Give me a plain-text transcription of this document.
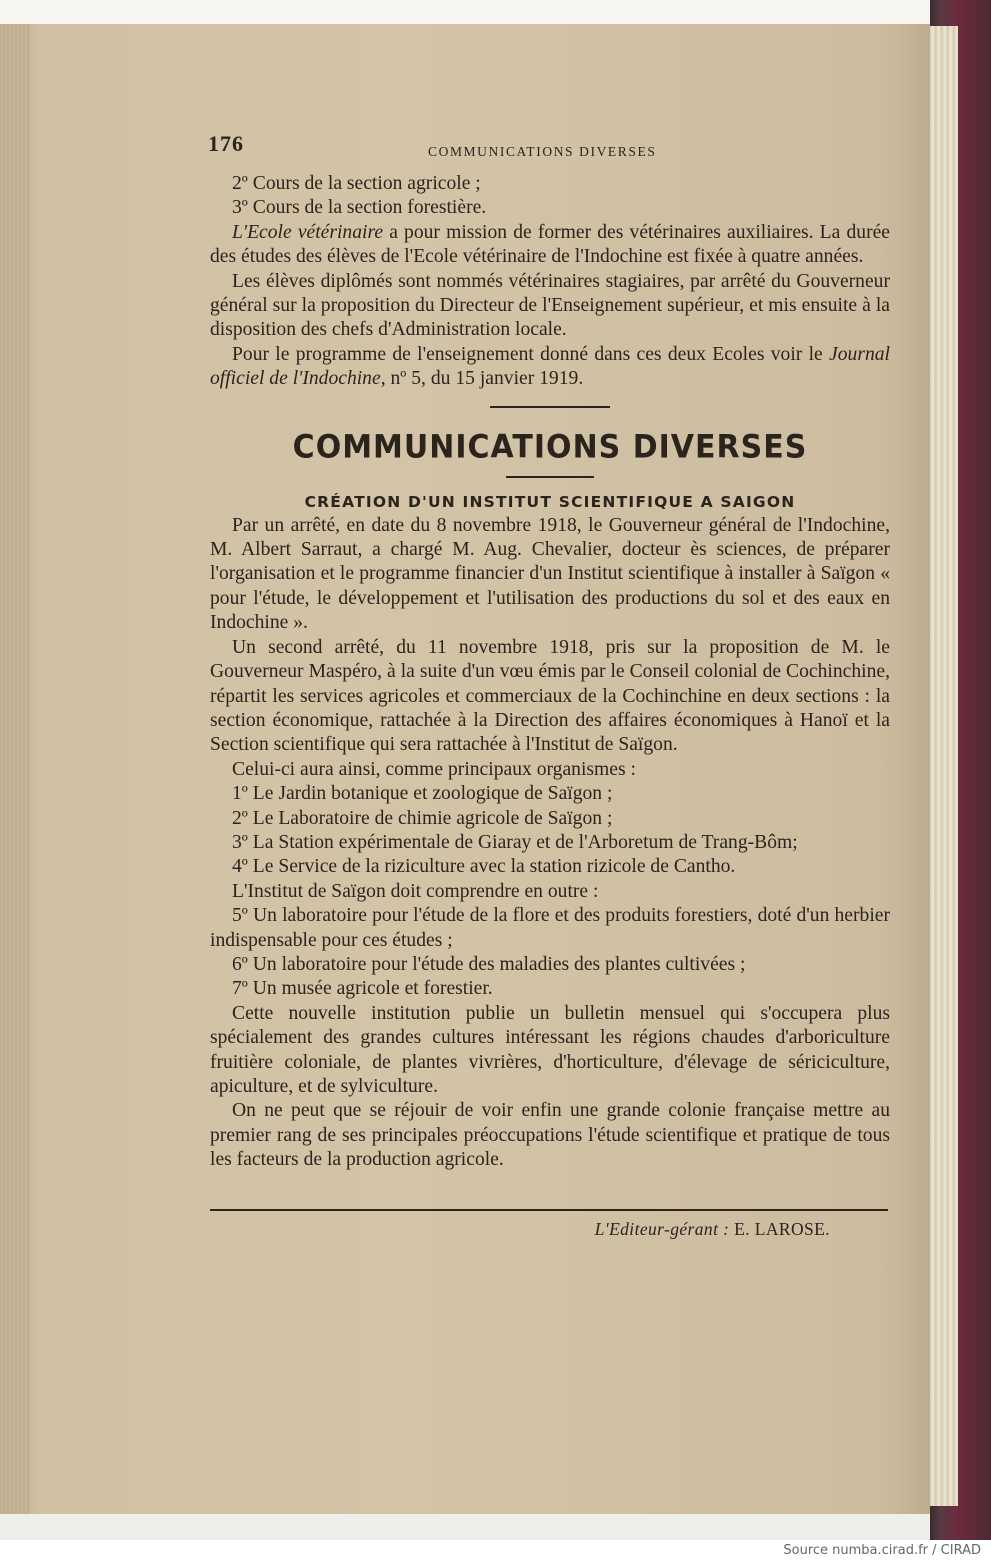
176	COMMUNICATIONS DIVERSES

2º Cours de la section agricole ;

3º Cours de la section forestière.

L'Ecole vétérinaire a pour mission de former des vétérinaires auxiliaires. La durée des études des élèves de l'Ecole vétérinaire de l'Indochine est fixée à quatre années.

Les élèves diplômés sont nommés vétérinaires stagiaires, par arrêté du Gouverneur général sur la proposition du Directeur de l'Enseignement supérieur, et mis ensuite à la disposition des chefs d'Administration locale.

Pour le programme de l'enseignement donné dans ces deux Ecoles voir le Journal officiel de l'Indochine, nº 5, du 15 janvier 1919.

COMMUNICATIONS DIVERSES
CRÉATION D'UN INSTITUT SCIENTIFIQUE A SAIGON

Par un arrêté, en date du 8 novembre 1918, le Gouverneur général de l'Indochine, M. Albert Sarraut, a chargé M. Aug. Chevalier, docteur ès sciences, de préparer l'organisation et le programme financier d'un Institut scientifique à installer à Saïgon « pour l'étude, le développement et l'utilisation des productions du sol et des eaux en Indochine ».

Un second arrêté, du 11 novembre 1918, pris sur la proposition de M. le Gouverneur Maspéro, à la suite d'un vœu émis par le Conseil colonial de Cochinchine, répartit les services agricoles et commerciaux de la Cochinchine en deux sections : la section économique, rattachée à la Direction des affaires économiques à Hanoï et la Section scientifique qui sera rattachée à l'Institut de Saïgon.

Celui-ci aura ainsi, comme principaux organismes :

1º Le Jardin botanique et zoologique de Saïgon ;

2º Le Laboratoire de chimie agricole de Saïgon ;

3º La Station expérimentale de Giaray et de l'Arboretum de Trang-Bôm;

4º Le Service de la riziculture avec la station rizicole de Cantho.

L'Institut de Saïgon doit comprendre en outre :

5º Un laboratoire pour l'étude de la flore et des produits forestiers, doté d'un herbier indispensable pour ces études ;

6º Un laboratoire pour l'étude des maladies des plantes cultivées ;

7º Un musée agricole et forestier.

Cette nouvelle institution publie un bulletin mensuel qui s'occupera plus spécialement des grandes cultures intéressant les régions chaudes d'arboriculture fruitière coloniale, de plantes vivrières, d'horticulture, d'élevage de sériciculture, apiculture, et de sylviculture.

On ne peut que se réjouir de voir enfin une grande colonie française mettre au premier rang de ses principales préoccupations l'étude scientifique et pratique de tous les facteurs de la production agricole.

L'Editeur-gérant : E. LAROSE.
Source numba.cirad.fr / CIRAD
